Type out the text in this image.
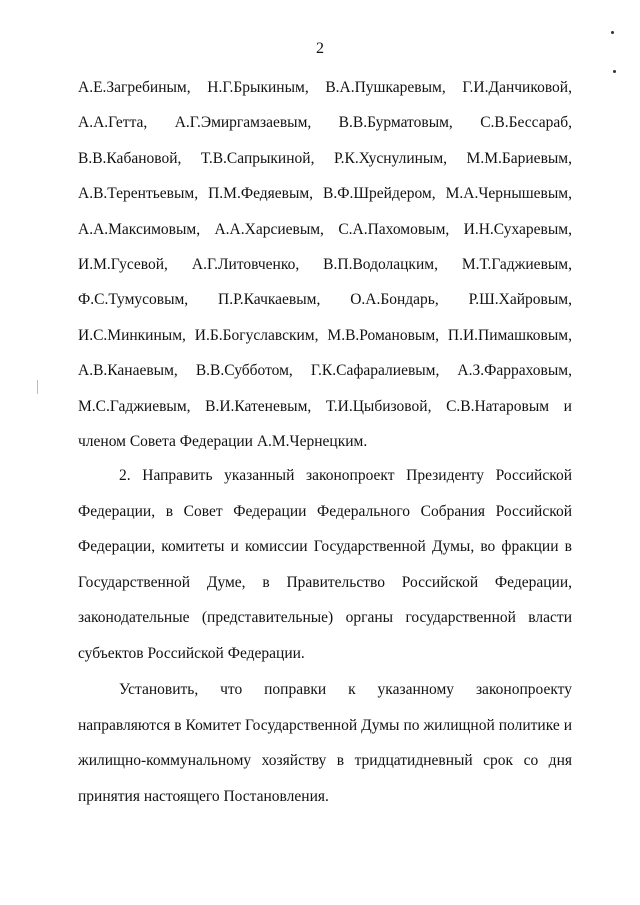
2
А.Е.Загребиным, Н.Г.Брыкиным, В.А.Пушкаревым, Г.И.Данчиковой,
А.А.Гетта, А.Г.Эмиргамзаевым, В.В.Бурматовым, С.В.Бессараб,
В.В.Кабановой, Т.В.Сапрыкиной, Р.К.Хуснулиным, М.М.Бариевым,
А.В.Терентьевым, П.М.Федяевым, В.Ф.Шрейдером, М.А.Чернышевым,
А.А.Максимовым, А.А.Харсиевым, С.А.Пахомовым, И.Н.Сухаревым,
И.М.Гусевой, А.Г.Литовченко, В.П.Водолацким, М.Т.Гаджиевым,
Ф.С.Тумусовым, П.Р.Качкаевым, О.А.Бондарь, Р.Ш.Хайровым,
И.С.Минкиным, И.Б.Богуславским, М.В.Романовым, П.И.Пимашковым,
А.В.Канаевым, В.В.Субботом, Г.К.Сафаралиевым, А.З.Фарраховым,
М.С.Гаджиевым, В.И.Катеневым, Т.И.Цыбизовой, С.В.Натаровым и
членом Совета Федерации А.М.Чернецким.

2. Направить указанный законопроект Президенту Российской Федерации, в Совет Федерации Федерального Собрания Российской Федерации, комитеты и комиссии Государственной Думы, во фракции в Государственной Думе, в Правительство Российской Федерации, законодательные (представительные) органы государственной власти субъектов Российской Федерации.

Установить, что поправки к указанному законопроекту направляются в Комитет Государственной Думы по жилищной политике и жилищно-коммунальному хозяйству в тридцатидневный срок со дня принятия настоящего Постановления.
